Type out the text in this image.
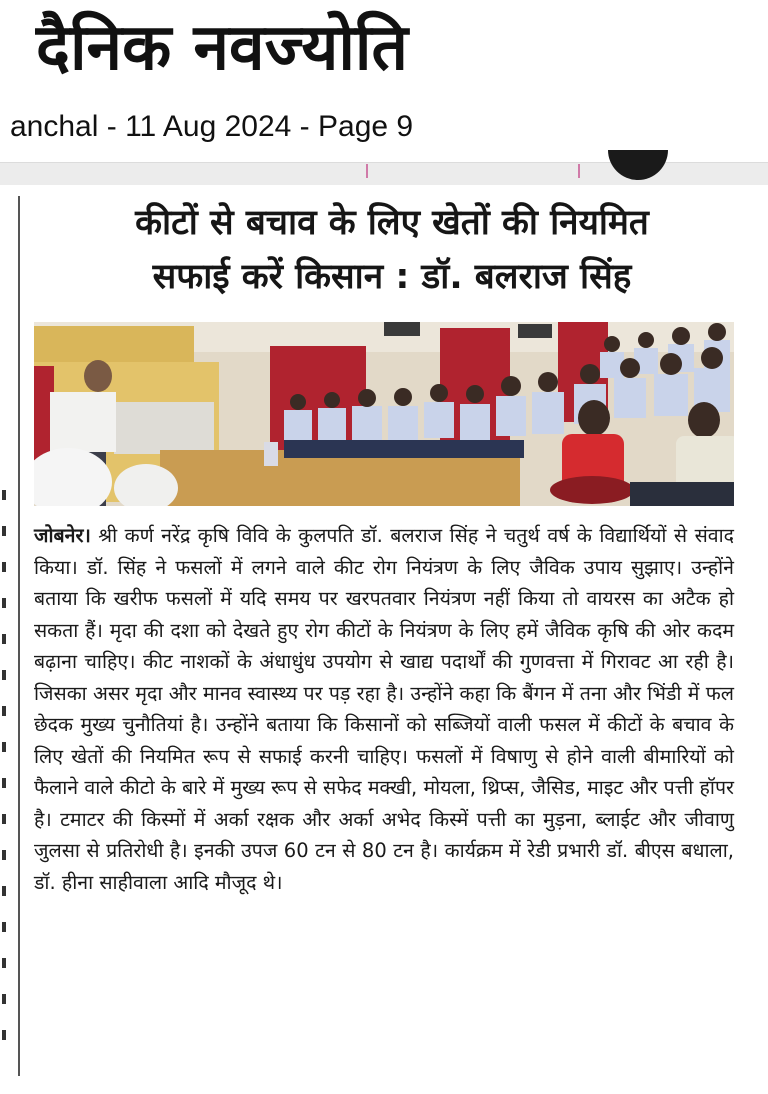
दैनिक नवज्योति
anchal - 11 Aug 2024 - Page 9
कीटों से बचाव के लिए खेतों की नियमित
सफाई करें किसान : डॉ. बलराज सिंह
जोबनेर। श्री कर्ण नरेंद्र कृषि विवि के कुलपति डॉ. बलराज सिंह ने चतुर्थ वर्ष के विद्यार्थियों से संवाद किया। डॉ. सिंह ने फसलों में लगने वाले कीट रोग नियंत्रण के लिए जैविक उपाय सुझाए। उन्होंने बताया कि खरीफ फसलों में यदि समय पर खरपतवार नियंत्रण नहीं किया तो वायरस का अटैक हो सकता हैं। मृदा की दशा को देखते हुए रोग कीटों के नियंत्रण के लिए हमें जैविक कृषि की ओर कदम बढ़ाना चाहिए। कीट नाशकों के अंधाधुंध उपयोग से खाद्य पदार्थों की गुणवत्ता में गिरावट आ रही है। जिसका असर मृदा और मानव स्वास्थ्य पर पड़ रहा है। उन्होंने कहा कि बैंगन में तना और भिंडी में फल छेदक मुख्य चुनौतियां है। उन्होंने बताया कि किसानों को सब्जियों वाली फसल में कीटों के बचाव के लिए खेतों की नियमित रूप से सफाई करनी चाहिए। फसलों में विषाणु से होने वाली बीमारियों को फैलाने वाले कीटो के बारे में मुख्य रूप से सफेद मक्खी, मोयला, थ्रिप्स, जैसिड, माइट और पत्ती हॉपर है। टमाटर की किस्मों में अर्का रक्षक और अर्का अभेद किस्में पत्ती का मुड़ना, ब्लाईट और जीवाणु जुलसा से प्रतिरोधी है। इनकी उपज 60 टन से 80 टन है। कार्यक्रम में रेडी प्रभारी डॉ. बीएस बधाला, डॉ. हीना साहीवाला आदि मौजूद थे।
